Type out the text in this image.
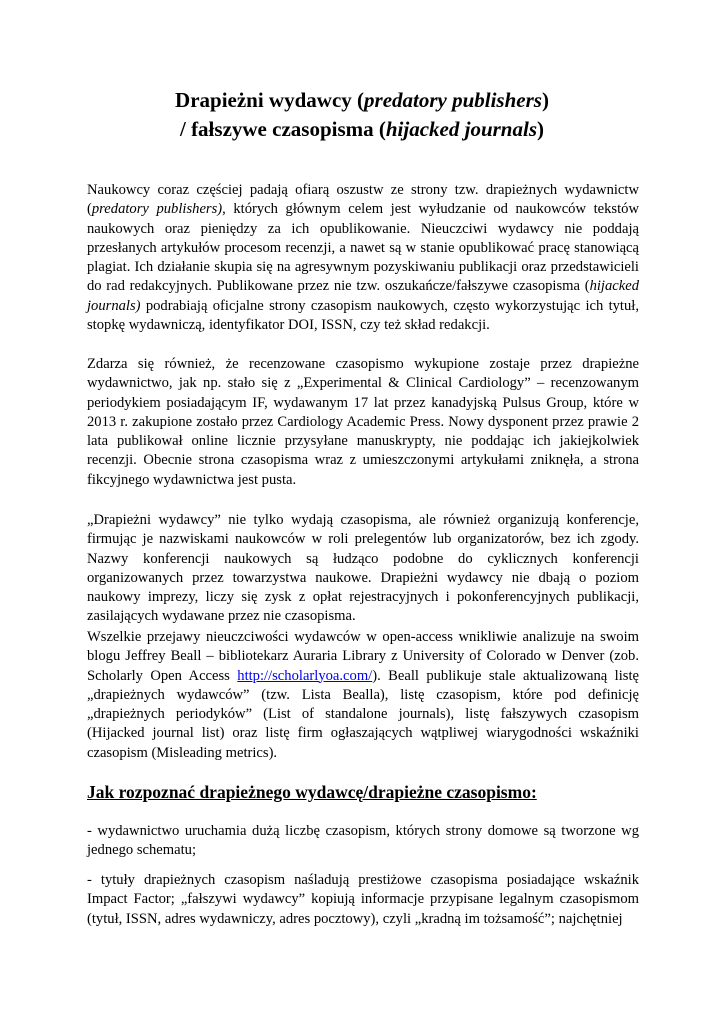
Drapieżni wydawcy (predatory publishers)
/ fałszywe czasopisma (hijacked journals)
Naukowcy coraz częściej padają ofiarą oszustw ze strony tzw. drapieżnych wydawnictw (predatory publishers), których głównym celem jest wyłudzanie od naukowców tekstów naukowych oraz pieniędzy za ich opublikowanie. Nieuczciwi wydawcy nie poddają przesłanych artykułów procesom recenzji, a nawet są w stanie opublikować pracę stanowiącą plagiat. Ich działanie skupia się na agresywnym pozyskiwaniu publikacji oraz przedstawicieli do rad redakcyjnych. Publikowane przez nie tzw. oszukańcze/fałszywe czasopisma (hijacked journals) podrabiają oficjalne strony czasopism naukowych, często wykorzystując ich tytuł, stopkę wydawniczą, identyfikator DOI, ISSN, czy też skład redakcji.
Zdarza się również, że recenzowane czasopismo wykupione zostaje przez drapieżne wydawnictwo, jak np. stało się z „Experimental & Clinical Cardiology” – recenzowanym periodykiem posiadającym IF, wydawanym 17 lat przez kanadyjską Pulsus Group, które w 2013 r. zakupione zostało przez Cardiology Academic Press. Nowy dysponent przez prawie 2 lata publikował online licznie przysyłane manuskrypty, nie poddając ich jakiejkolwiek recenzji. Obecnie strona czasopisma wraz z umieszczonymi artykułami zniknęła, a strona fikcyjnego wydawnictwa jest pusta.
„Drapieżni wydawcy” nie tylko wydają czasopisma, ale również organizują konferencje, firmując je nazwiskami naukowców w roli prelegentów lub organizatorów, bez ich zgody. Nazwy konferencji naukowych są łudząco podobne do cyklicznych konferencji organizowanych przez towarzystwa naukowe. Drapieżni wydawcy nie dbają o poziom naukowy imprezy, liczy się zysk z opłat rejestracyjnych i pokonferencyjnych publikacji, zasilających wydawane przez nie czasopisma.
Wszelkie przejawy nieuczciwości wydawców w open-access wnikliwie analizuje na swoim blogu Jeffrey Beall – bibliotekarz Auraria Library z University of Colorado w Denver (zob. Scholarly Open Access http://scholarlyoa.com/). Beall publikuje stale aktualizowaną listę „drapieżnych wydawców” (tzw. Lista Bealla), listę czasopism, które pod definicję „drapieżnych periodyków” (List of standalone journals), listę fałszywych czasopism (Hijacked journal list) oraz listę firm ogłaszających wątpliwej wiarygodności wskaźniki czasopism (Misleading metrics).
Jak rozpoznać drapieżnego wydawcę/drapieżne czasopismo:
- wydawnictwo uruchamia dużą liczbę czasopism, których strony domowe są tworzone wg jednego schematu;
- tytuły drapieżnych czasopism naśladują prestiżowe czasopisma posiadające wskaźnik Impact Factor; „fałszywi wydawcy” kopiują informacje przypisane legalnym czasopismom (tytuł, ISSN, adres wydawniczy, adres pocztowy), czyli „kradną im tożsamość”; najchętniej
